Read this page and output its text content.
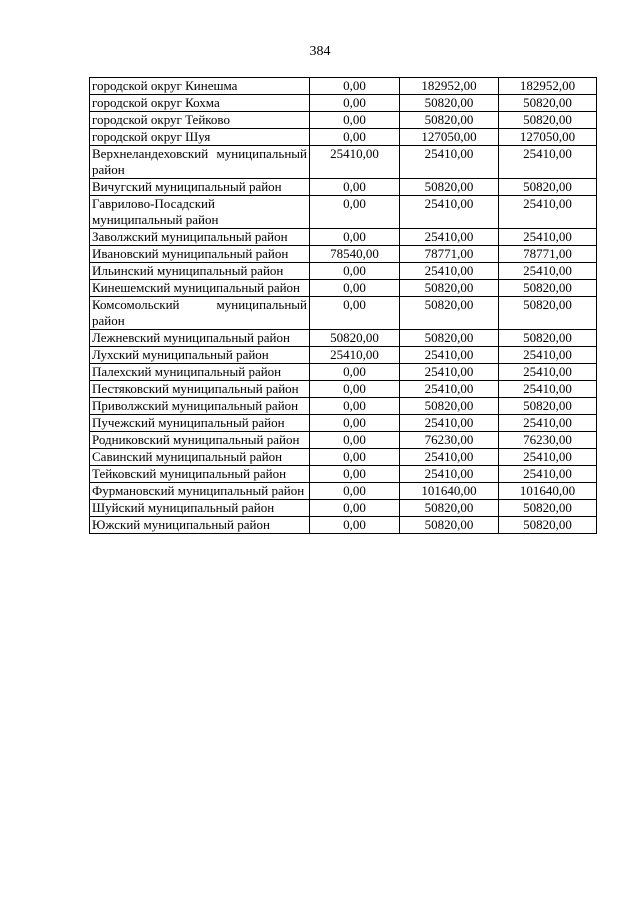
384
городской округ Кинешма	0,00	182952,00	182952,00
городской округ Кохма	0,00	50820,00	50820,00
городской округ Тейково	0,00	50820,00	50820,00
городской округ Шуя	0,00	127050,00	127050,00
Верхнеландеховский муниципальный район	25410,00	25410,00	25410,00
Вичугский муниципальный район	0,00	50820,00	50820,00
Гаврилово-Посадский муниципальный район	0,00	25410,00	25410,00
Заволжский муниципальный район	0,00	25410,00	25410,00
Ивановский муниципальный район	78540,00	78771,00	78771,00
Ильинский муниципальный район	0,00	25410,00	25410,00
Кинешемский муниципальный район	0,00	50820,00	50820,00
Комсомольский муниципальный район	0,00	50820,00	50820,00
Лежневский муниципальный район	50820,00	50820,00	50820,00
Лухский муниципальный район	25410,00	25410,00	25410,00
Палехский муниципальный район	0,00	25410,00	25410,00
Пестяковский муниципальный район	0,00	25410,00	25410,00
Приволжский муниципальный район	0,00	50820,00	50820,00
Пучежский муниципальный район	0,00	25410,00	25410,00
Родниковский муниципальный район	0,00	76230,00	76230,00
Савинский муниципальный район	0,00	25410,00	25410,00
Тейковский муниципальный район	0,00	25410,00	25410,00
Фурмановский муниципальный район	0,00	101640,00	101640,00
Шуйский муниципальный район	0,00	50820,00	50820,00
Южский муниципальный район	0,00	50820,00	50820,00
